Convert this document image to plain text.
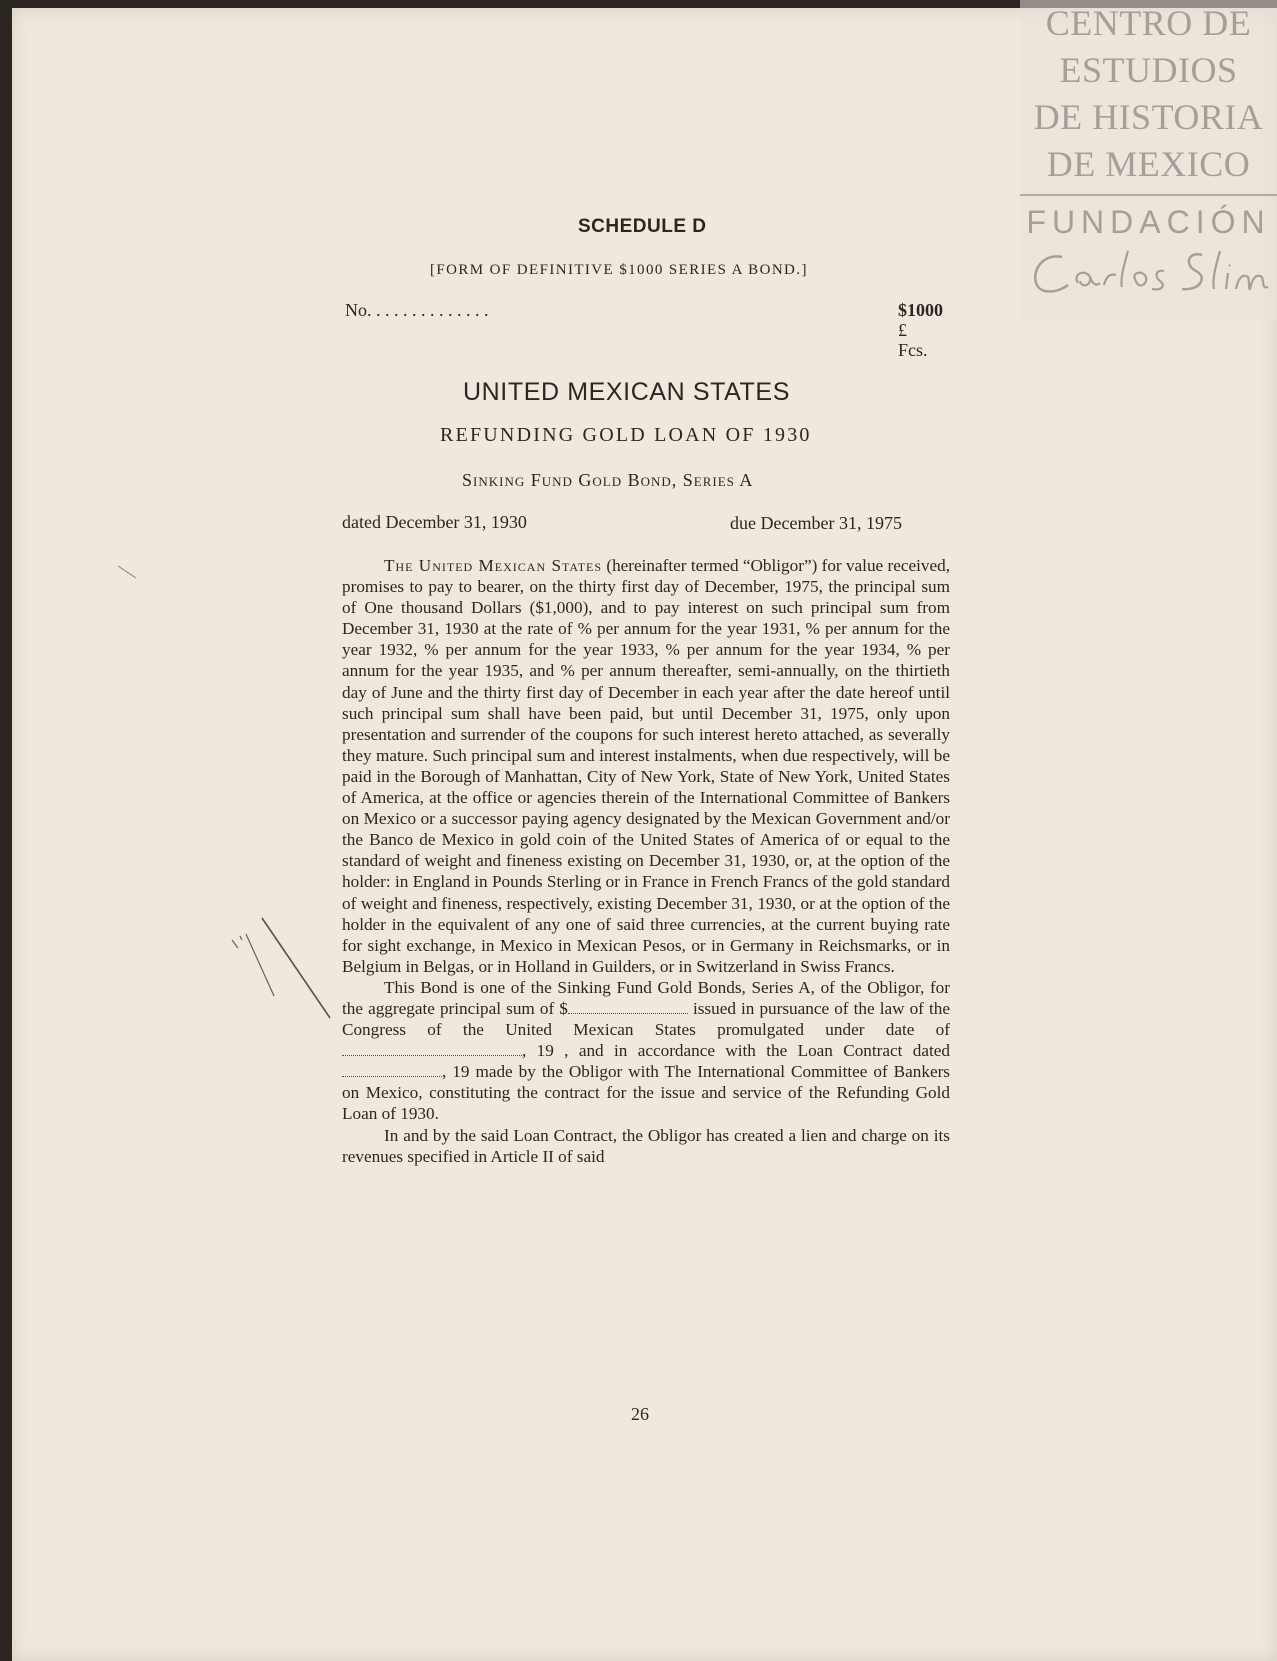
CENTRO DE
ESTUDIOS
DE HISTORIA
DE MEXICO
FUNDACIÓN
SCHEDULE D
[FORM OF DEFINITIVE $1000 SERIES A BOND.]
No. . . . . . . . . . . . . .	$1000
£
Fcs.
UNITED MEXICAN STATES
REFUNDING GOLD LOAN OF 1930
Sinking Fund Gold Bond, Series A
dated December 31, 1930	due December 31, 1975

The United Mexican States (hereinafter termed “Obligor”) for value received, promises to pay to bearer, on the thirty first day of December, 1975, the principal sum of One thousand Dollars ($1,000), and to pay interest on such principal sum from December 31, 1930 at the rate of % per annum for the year 1931, % per annum for the year 1932, % per annum for the year 1933, % per annum for the year 1934, % per annum for the year 1935, and % per annum thereafter, semi-annually, on the thirtieth day of June and the thirty first day of December in each year after the date hereof until such principal sum shall have been paid, but until December 31, 1975, only upon presentation and surrender of the coupons for such interest hereto attached, as severally they mature. Such principal sum and interest instalments, when due respectively, will be paid in the Borough of Manhattan, City of New York, State of New York, United States of America, at the office or agencies therein of the International Committee of Bankers on Mexico or a successor paying agency designated by the Mexican Government and/or the Banco de Mexico in gold coin of the United States of America of or equal to the standard of weight and fineness existing on December 31, 1930, or, at the option of the holder: in England in Pounds Sterling or in France in French Francs of the gold standard of weight and fineness, respectively, existing December 31, 1930, or at the option of the holder in the equivalent of any one of said three currencies, at the current buying rate for sight exchange, in Mexico in Mexican Pesos, or in Germany in Reichsmarks, or in Belgium in Belgas, or in Holland in Guilders, or in Switzerland in Swiss Francs.

This Bond is one of the Sinking Fund Gold Bonds, Series A, of the Obligor, for the aggregate principal sum of $	issued in pursuance of the law of the Congress of the United Mexican States promulgated under date of, 19 , and in accordance with the Loan Contract dated, 19 made by the Obligor with The International Committee of Bankers on Mexico, constituting the contract for the issue and service of the Refunding Gold Loan of 1930.

In and by the said Loan Contract, the Obligor has created a lien and charge on its revenues specified in Article II of said

26
